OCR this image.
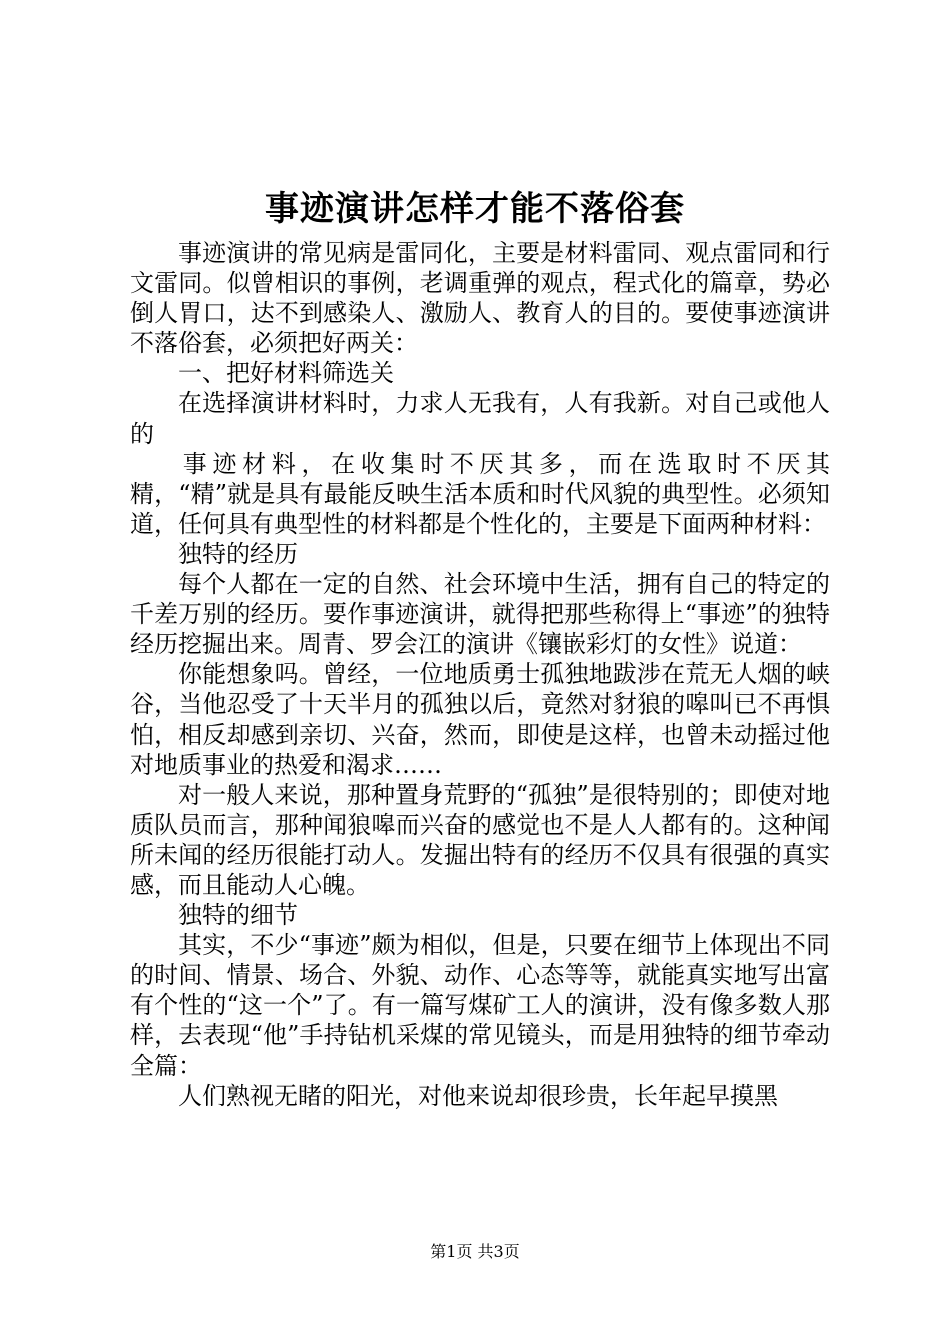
事迹演讲怎样才能不落俗套

事迹演讲的常见病是雷同化，主要是材料雷同、观点雷同和行文雷同。似曾相识的事例，老调重弹的观点，程式化的篇章，势必倒人胃口，达不到感染人、激励人、教育人的目的。要使事迹演讲不落俗套，必须把好两关：

一、把好材料筛选关

在选择演讲材料时，力求人无我有，人有我新。对自己或他人的

事迹材料，在收集时不厌其多，而在选取时不厌其精，“精”就是具有最能反映生活本质和时代风貌的典型性。必须知道，任何具有典型性的材料都是个性化的，主要是下面两种材料：

独特的经历

每个人都在一定的自然、社会环境中生活，拥有自己的特定的千差万别的经历。要作事迹演讲，就得把那些称得上“事迹”的独特经历挖掘出来。周青、罗会江的演讲《镶嵌彩灯的女性》说道：

你能想象吗。曾经，一位地质勇士孤独地跋涉在荒无人烟的峡谷，当他忍受了十天半月的孤独以后，竟然对豺狼的嗥叫已不再惧怕，相反却感到亲切、兴奋，然而，即使是这样，也曾未动摇过他对地质事业的热爱和渴求……

对一般人来说，那种置身荒野的“孤独”是很特别的；即使对地质队员而言，那种闻狼嗥而兴奋的感觉也不是人人都有的。这种闻所未闻的经历很能打动人。发掘出特有的经历不仅具有很强的真实感，而且能动人心魄。

独特的细节

其实，不少“事迹”颇为相似，但是，只要在细节上体现出不同的时间、情景、场合、外貌、动作、心态等等，就能真实地写出富有个性的“这一个”了。有一篇写煤矿工人的演讲，没有像多数人那样，去表现“他”手持钻机采煤的常见镜头，而是用独特的细节牵动全篇：

人们熟视无睹的阳光，对他来说却很珍贵，长年起早摸黑

第1页 共3页
